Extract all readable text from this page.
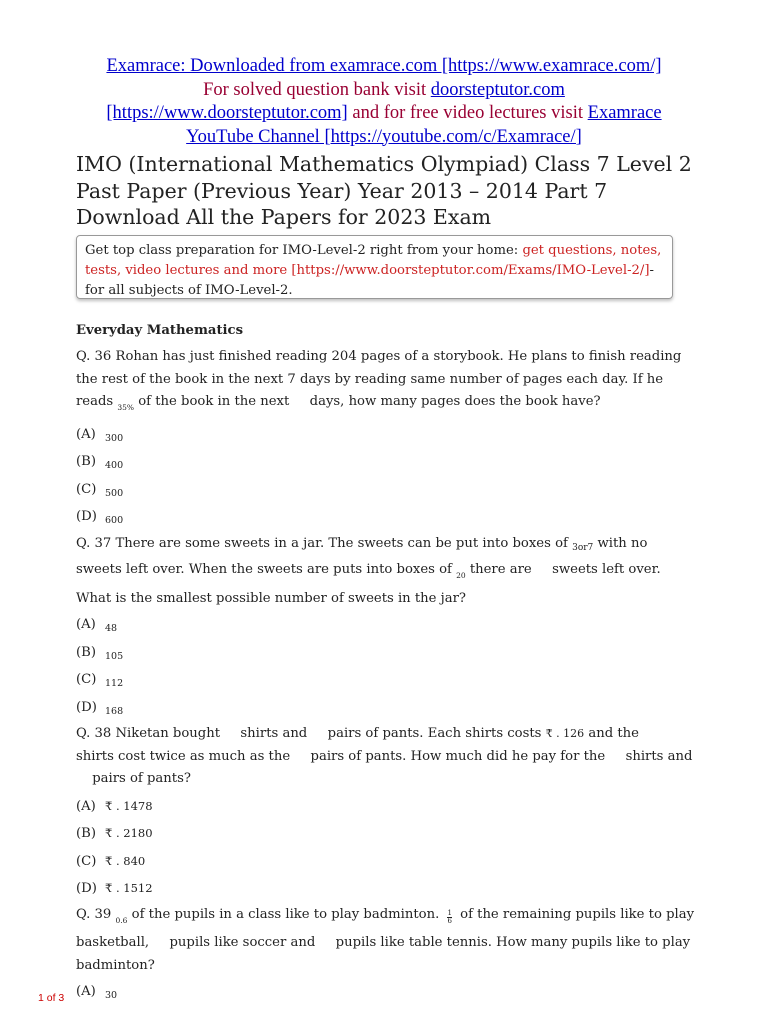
Examrace: Downloaded from examrace.com [https://www.examrace.com/]
For solved question bank visit doorsteptutor.com
[https://www.doorsteptutor.com] and for free video lectures visit Examrace
YouTube Channel [https://youtube.com/c/Examrace/]
IMO (International Mathematics Olympiad) Class 7 Level 2 Past Paper (Previous Year) Year 2013 – 2014 Part 7 Download All the Papers for 2023 Exam
Get top class preparation for IMO-Level-2 right from your home: get questions, notes, tests, video lectures and more [https://www.doorsteptutor.com/Exams/IMO-Level-2/]-for all subjects of IMO-Level-2.
Everyday Mathematics
Q. 36 Rohan has just finished reading 204 pages of a storybook. He plans to finish reading the rest of the book in the next 7 days by reading same number of pages each day. If he reads $_{35\%}$ of the book in the next  days, how many pages does the book have?
(A) $_{300}$
(B) $_{400}$
(C) $_{500}$
(D) $_{600}$
Q. 37 There are some sweets in a jar. The sweets can be put into boxes of $_{3or7}$ with no sweets left over. When the sweets are puts into boxes of $_{20}$ there are  sweets left over. What is the smallest possible number of sweets in the jar?
(A) $_{48}$
(B) $_{105}$
(C) $_{112}$
(D) $_{168}$
Q. 38 Niketan bought  shirts and  pairs of pants. Each shirts costs ₹ . 126 and the  shirts cost twice as much as the  pairs of pants. How much did he pay for the  shirts and  pairs of pants?
(A) ₹ . 1478
(B) ₹ . 2180
(C) ₹ . 840
(D) ₹ . 1512
Q. 39 $_{0.6}$ of the pupils in a class like to play badminton. $\frac{1}{6}$ of the remaining pupils like to play basketball,  pupils like soccer and  pupils like table tennis. How many pupils like to play badminton?
(A) $_{30}$
1 of 3
